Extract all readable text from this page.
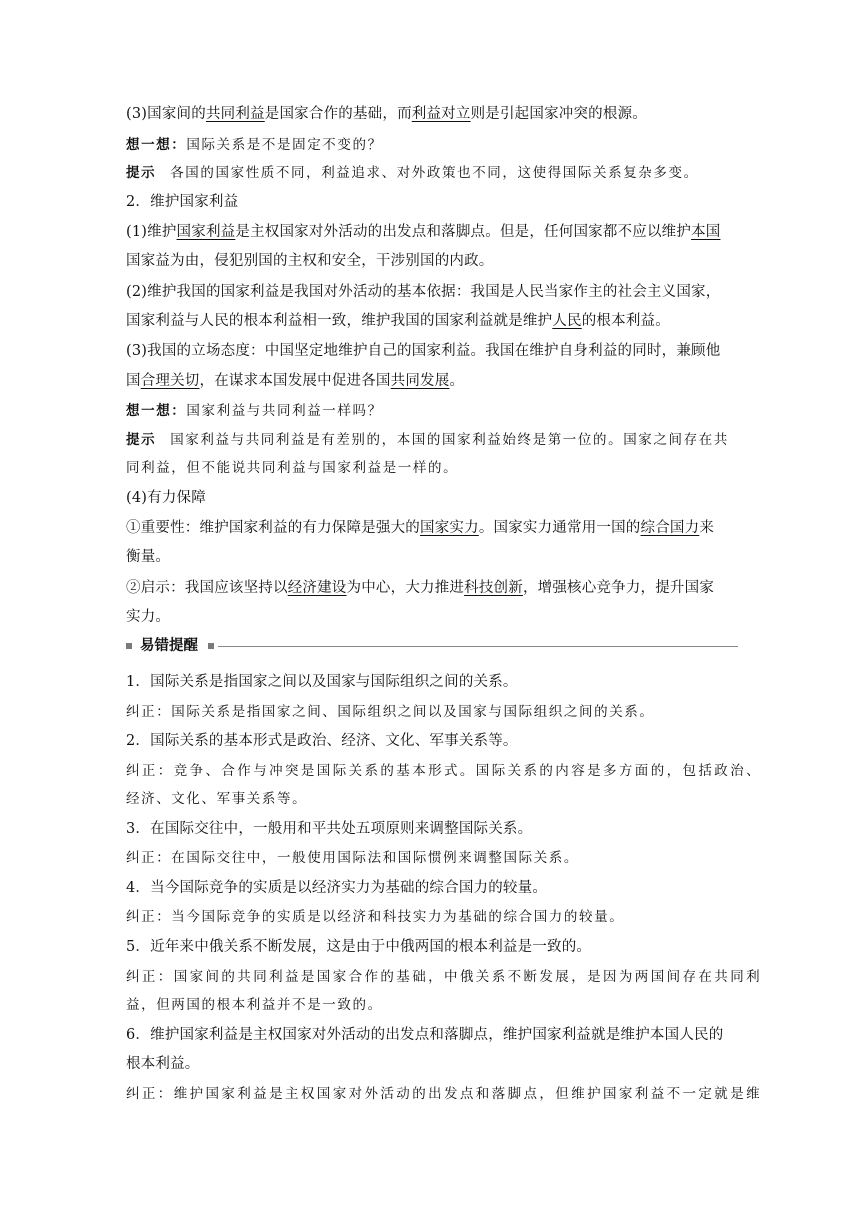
(3)国家间的共同利益是国家合作的基础，而利益对立则是引起国家冲突的根源。
想一想：国际关系是不是固定不变的？
提示 各国的国家性质不同，利益追求、对外政策也不同，这使得国际关系复杂多变。
2．维护国家利益
(1)维护国家利益是主权国家对外活动的出发点和落脚点。但是，任何国家都不应以维护本国
国家益为由，侵犯别国的主权和安全，干涉别国的内政。
(2)维护我国的国家利益是我国对外活动的基本依据：我国是人民当家作主的社会主义国家，
国家利益与人民的根本利益相一致，维护我国的国家利益就是维护人民的根本利益。
(3)我国的立场态度：中国坚定地维护自己的国家利益。我国在维护自身利益的同时，兼顾他
国合理关切，在谋求本国发展中促进各国共同发展。
想一想：国家利益与共同利益一样吗？
提示 国家利益与共同利益是有差别的，本国的国家利益始终是第一位的。国家之间存在共
同利益，但不能说共同利益与国家利益是一样的。
(4)有力保障
①重要性：维护国家利益的有力保障是强大的国家实力。国家实力通常用一国的综合国力来
衡量。
②启示：我国应该坚持以经济建设为中心，大力推进科技创新，增强核心竞争力，提升国家
实力。
易错提醒
1．国际关系是指国家之间以及国家与国际组织之间的关系。
纠正：国际关系是指国家之间、国际组织之间以及国家与国际组织之间的关系。
2．国际关系的基本形式是政治、经济、文化、军事关系等。
纠正：竞争、合作与冲突是国际关系的基本形式。国际关系的内容是多方面的，包括政治、
经济、文化、军事关系等。
3．在国际交往中，一般用和平共处五项原则来调整国际关系。
纠正：在国际交往中，一般使用国际法和国际惯例来调整国际关系。
4．当今国际竞争的实质是以经济实力为基础的综合国力的较量。
纠正：当今国际竞争的实质是以经济和科技实力为基础的综合国力的较量。
5．近年来中俄关系不断发展，这是由于中俄两国的根本利益是一致的。
纠正：国家间的共同利益是国家合作的基础，中俄关系不断发展，是因为两国间存在共同利
益，但两国的根本利益并不是一致的。
6．维护国家利益是主权国家对外活动的出发点和落脚点，维护国家利益就是维护本国人民的
根本利益。
纠正：维护国家利益是主权国家对外活动的出发点和落脚点，但维护国家利益不一定就是维
